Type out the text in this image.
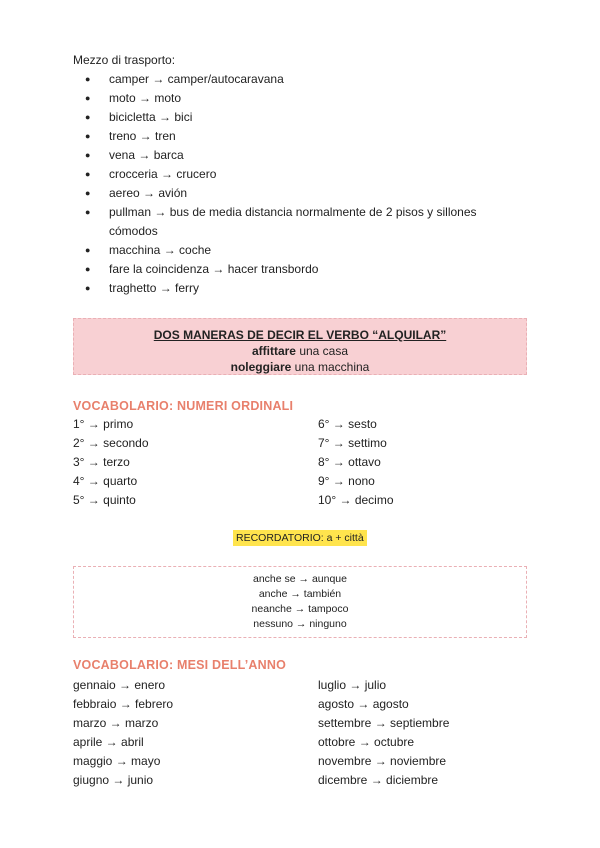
Mezzo di trasporto:
● camper → camper/autocaravana
● moto → moto
● bicicletta → bici
● treno → tren
● vena → barca
● crocceria → crucero
● aereo → avión
● pullman → bus de media distancia normalmente de 2 pisos y sillones
cómodos
● macchina → coche
● fare la coincidenza → hacer transbordo
● traghetto → ferry
DOS MANERAS DE DECIR EL VERBO “ALQUILAR”
affittare una casa
noleggiare una macchina
VOCABOLARIO: NUMERI ORDINALI
1° → primo
2° → secondo
3° → terzo
4° → quarto
5° → quinto
6° → sesto
7° → settimo
8° → ottavo
9° → nono
10° → decimo
RECORDATORIO: a + città
anche se → aunque
anche → también
neanche → tampoco
nessuno → ninguno
VOCABOLARIO: MESI DELL’ANNO
gennaio → enero
febbraio → febrero
marzo → marzo
aprile → abril
maggio → mayo
giugno → junio
luglio → julio
agosto → agosto
settembre → septiembre
ottobre → octubre
novembre → noviembre
dicembre → diciembre
